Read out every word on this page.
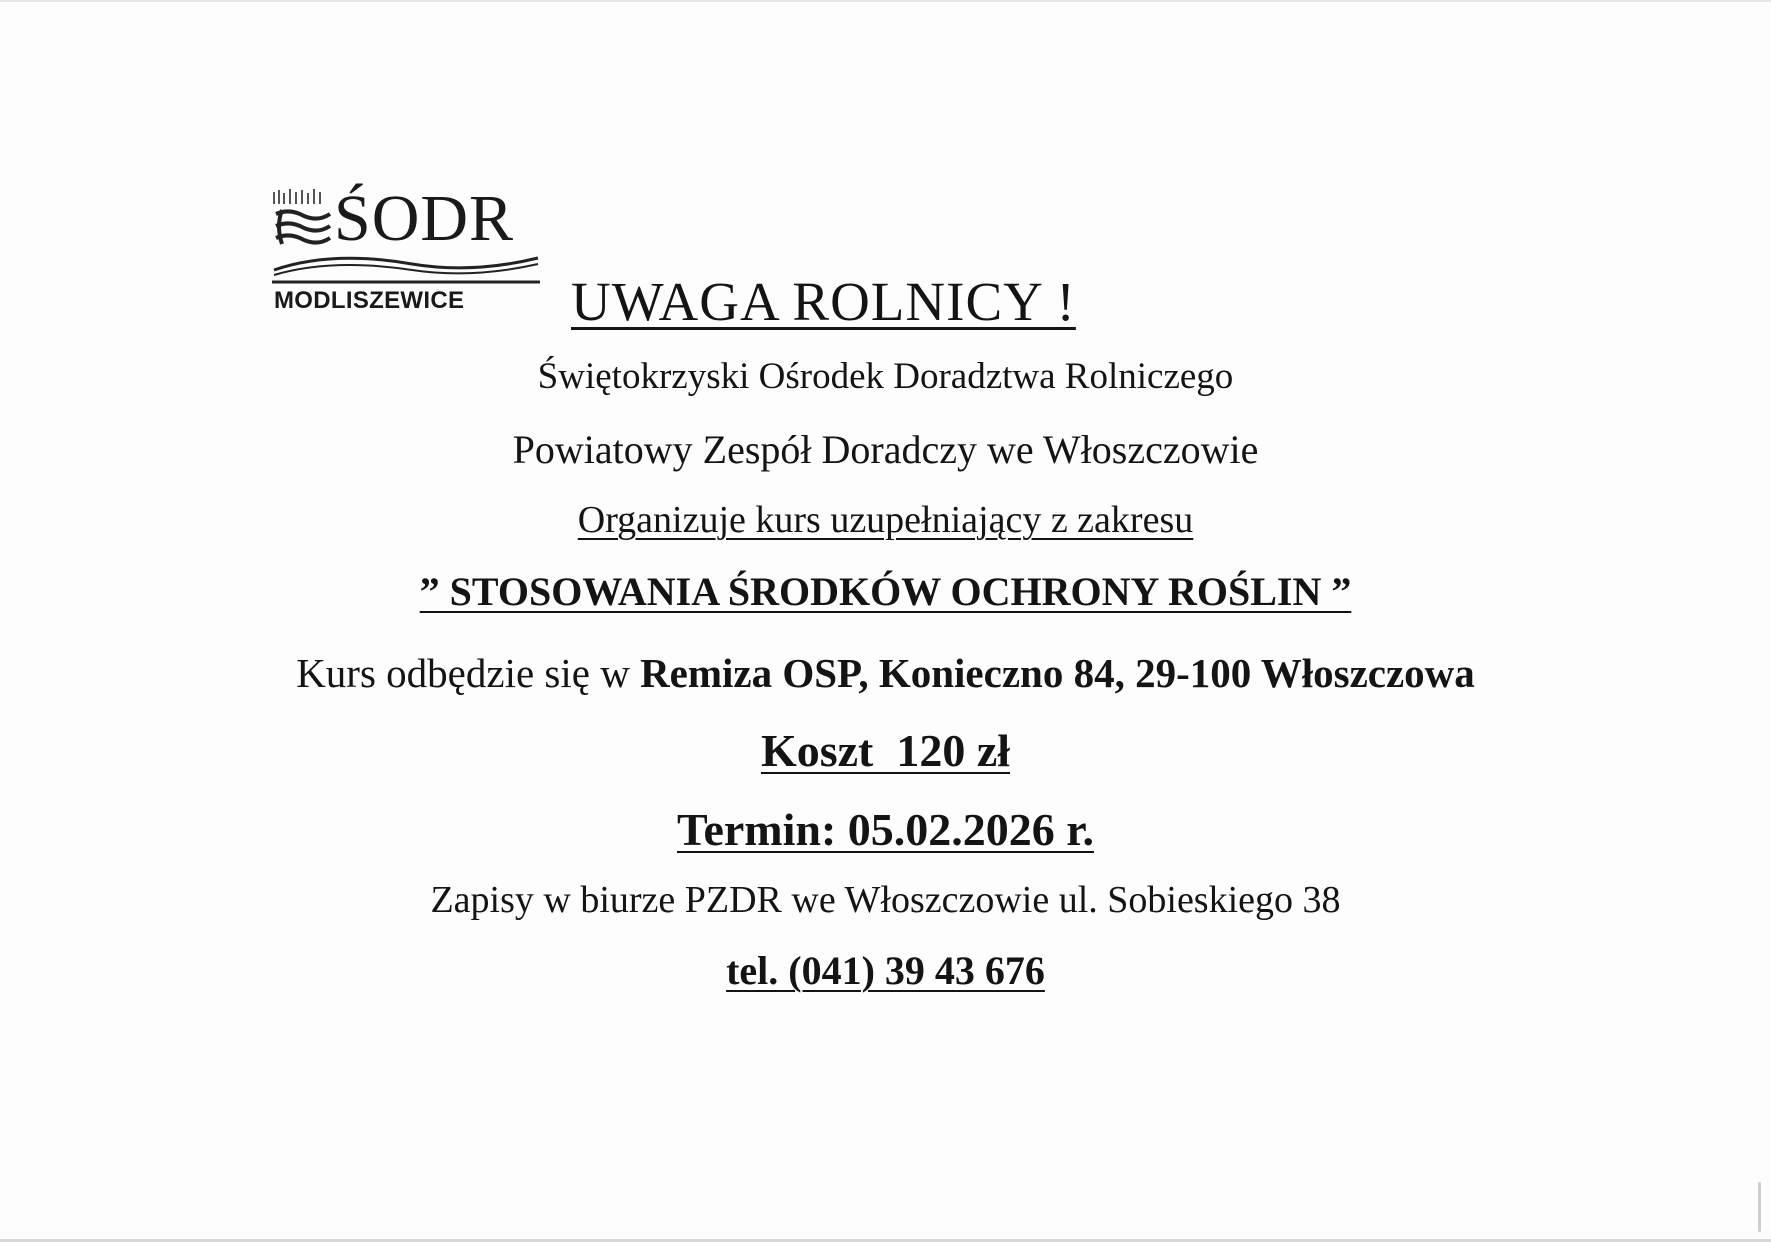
ŚODR
MODLISZEWICE UWAGA ROLNICY !
Świętokrzyski Ośrodek Doradztwa Rolniczego
Powiatowy Zespół Doradczy we Włoszczowie
Organizuje kurs uzupełniający z zakresu
” STOSOWANIA ŚRODKÓW OCHRONY ROŚLIN ”
Kurs odbędzie się w Remiza OSP, Konieczno 84, 29-100 Włoszczowa
Koszt  120 zł
Termin: 05.02.2026 r.
Zapisy w biurze PZDR we Włoszczowie ul. Sobieskiego 38
tel. (041) 39 43 676
